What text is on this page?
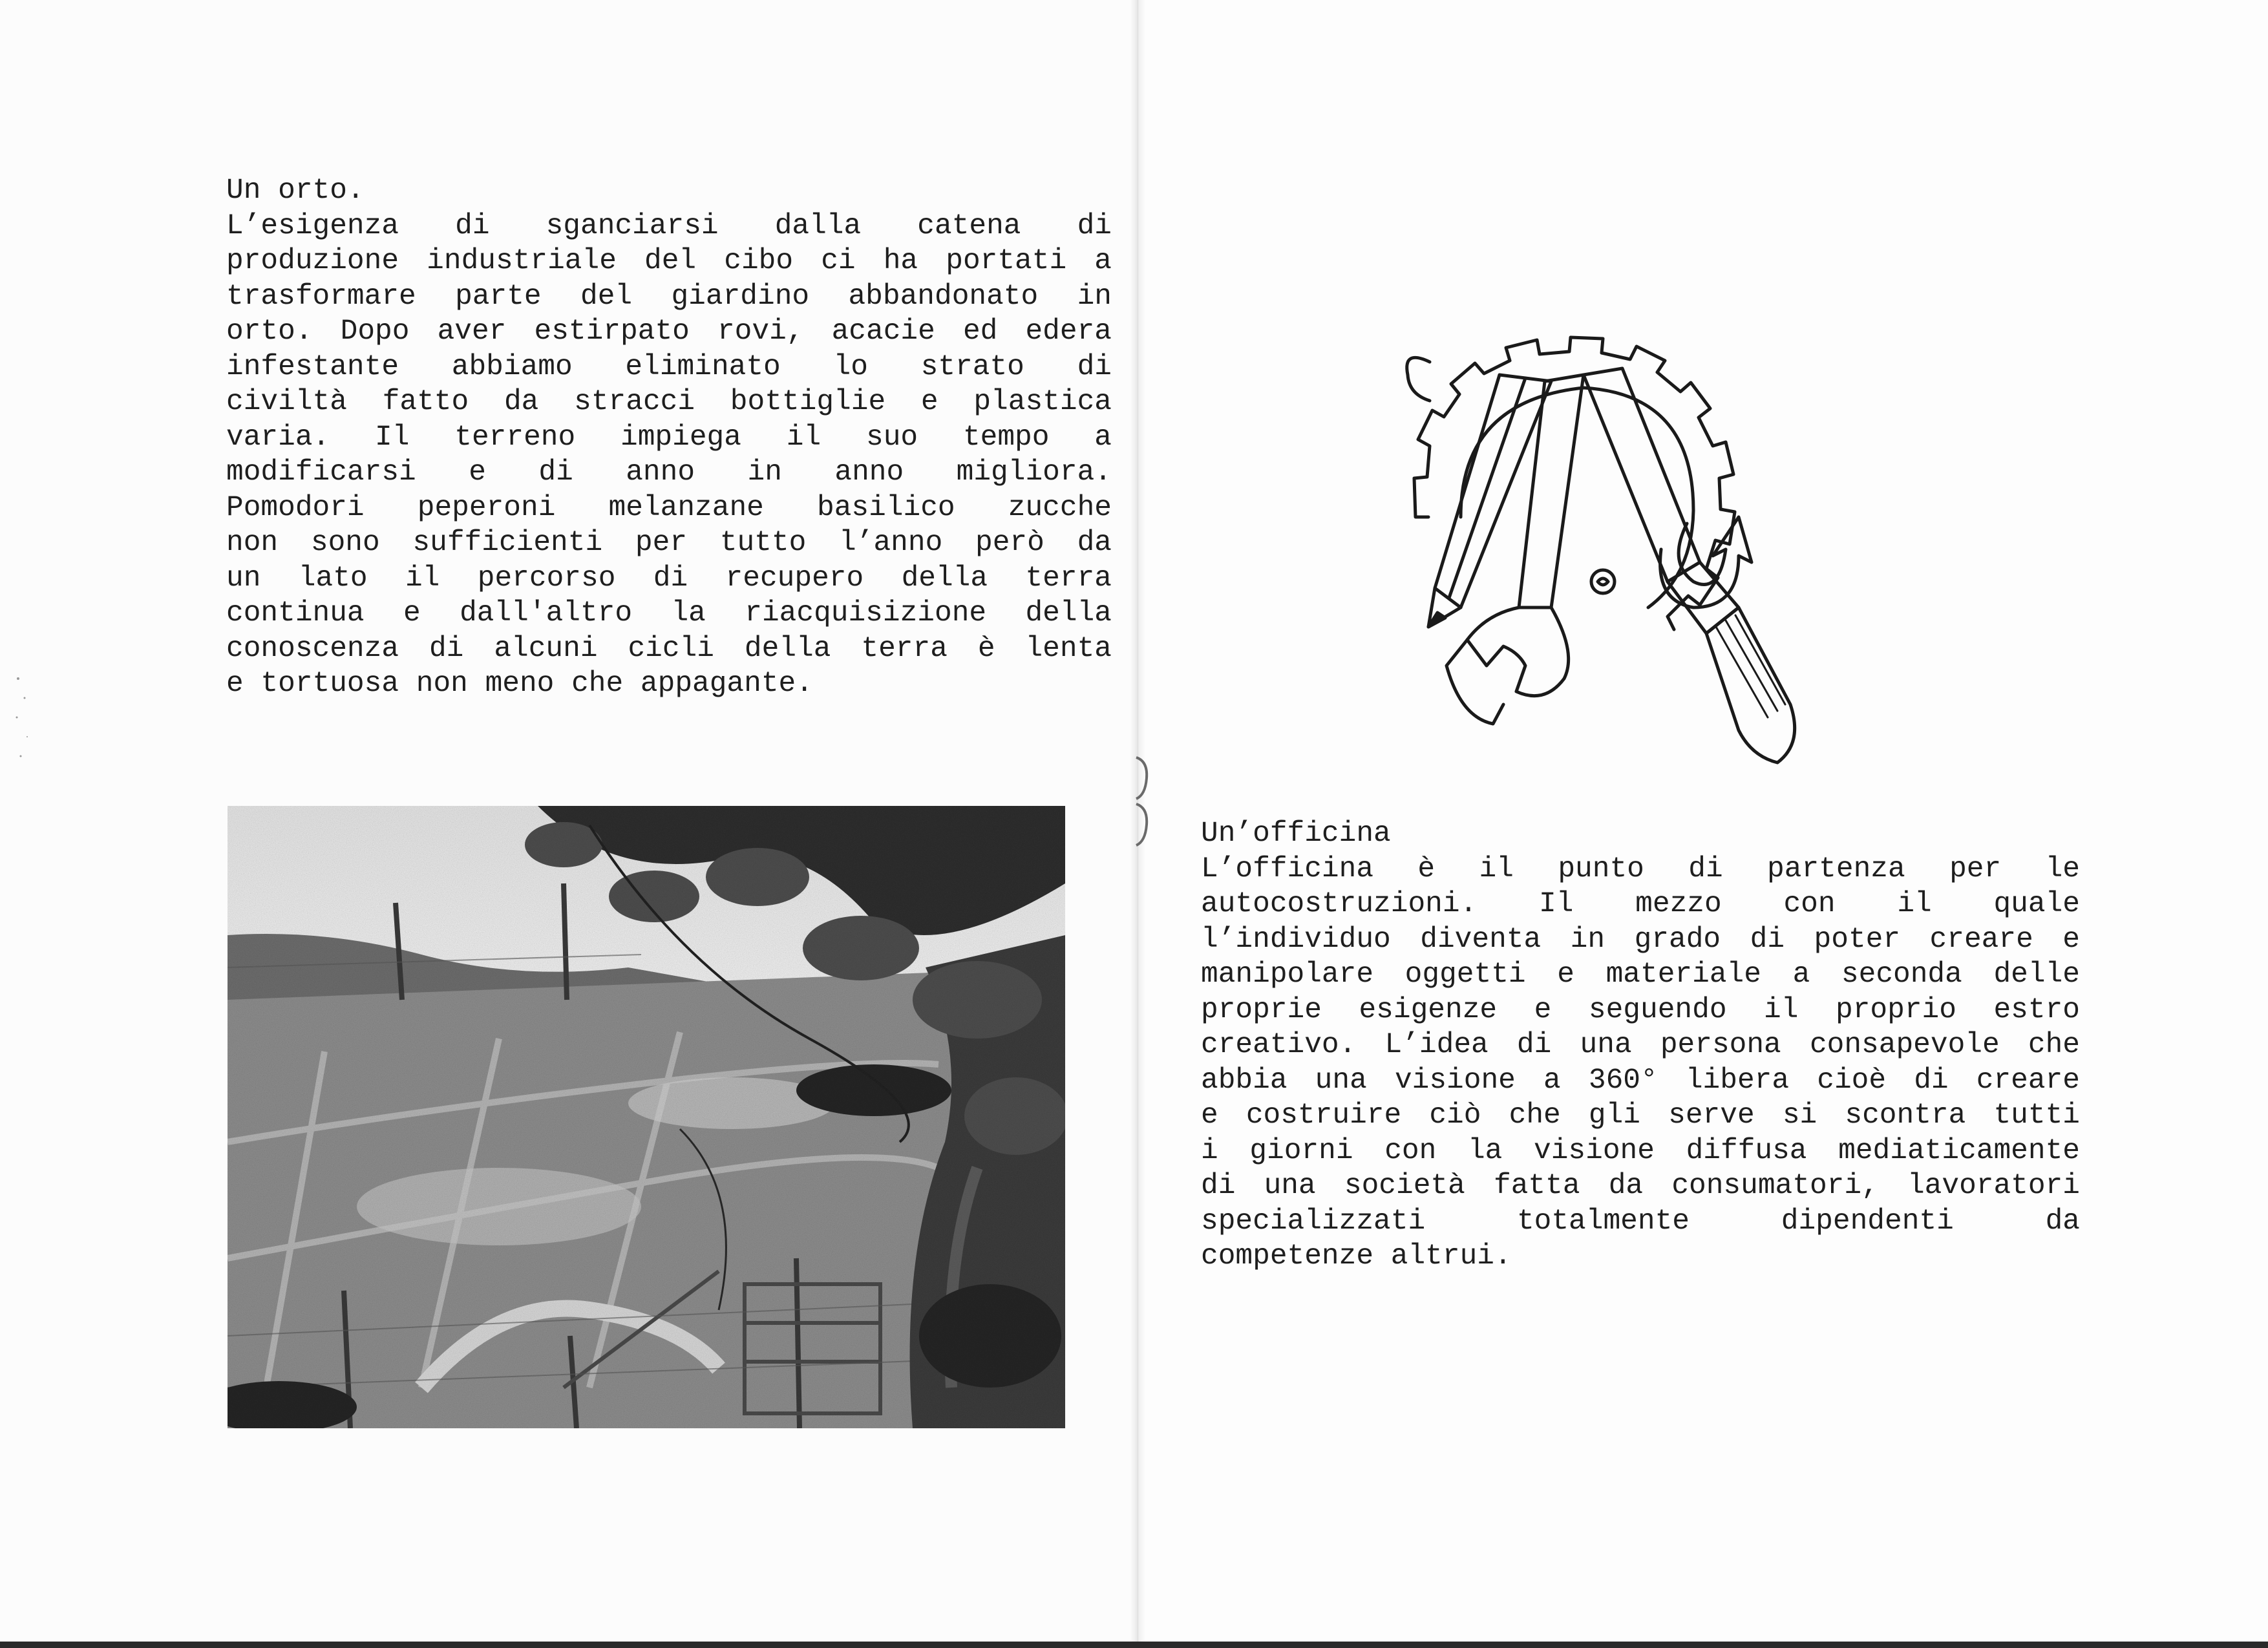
Un orto.
L’esigenza di sganciarsi dalla catena di
produzione industriale del cibo ci ha portati a
trasformare parte del giardino abbandonato in
orto. Dopo aver estirpato rovi, acacie ed edera
infestante abbiamo eliminato lo strato di
civiltà fatto da stracci bottiglie e plastica
varia. Il terreno impiega il suo tempo a
modificarsi e di anno in anno migliora.
Pomodori peperoni melanzane basilico zucche
non sono sufficienti per tutto l’anno però da
un lato il percorso di recupero della terra
continua e dall'altro la riacquisizione della
conoscenza di alcuni cicli della terra è lenta
e tortuosa non meno che appagante.
Un’officina
L’officina è il punto di partenza per le
autocostruzioni. Il mezzo con il quale
l’individuo diventa in grado di poter creare e
manipolare oggetti e materiale a seconda delle
proprie esigenze e seguendo il proprio estro
creativo. L’idea di una persona consapevole che
abbia una visione a 360° libera cioè di creare
e costruire ciò che gli serve si scontra tutti
i giorni con la visione diffusa mediaticamente
di una società fatta da consumatori, lavoratori
specializzati totalmente dipendenti da
competenze altrui.
